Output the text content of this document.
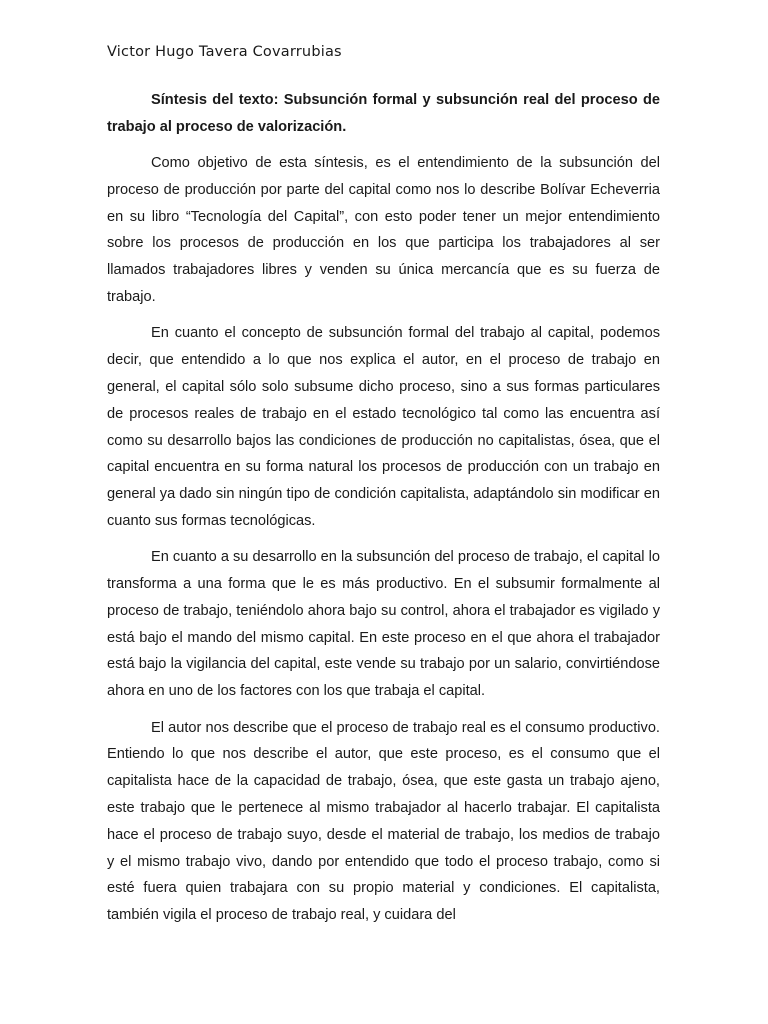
Victor Hugo Tavera Covarrubias

Síntesis del texto: Subsunción formal y subsunción real del proceso de trabajo al proceso de valorización.

Como objetivo de esta síntesis, es el entendimiento de la subsunción del proceso de producción por parte del capital como nos lo describe Bolívar Echeverria en su libro “Tecnología del Capital”, con esto poder tener un mejor entendimiento sobre los procesos de producción en los que participa los trabajadores al ser llamados trabajadores libres y venden su única mercancía que es su fuerza de trabajo.

En cuanto el concepto de subsunción formal del trabajo al capital, podemos decir, que entendido a lo que nos explica el autor, en el proceso de trabajo en general, el capital sólo solo subsume dicho proceso, sino a sus formas particulares de procesos reales de trabajo en el estado tecnológico tal como las encuentra así como su desarrollo bajos las condiciones de producción no capitalistas, ósea, que el capital encuentra en su forma natural los procesos de producción con un trabajo en general ya dado sin ningún tipo de condición capitalista, adaptándolo sin modificar en cuanto sus formas tecnológicas.

En cuanto a su desarrollo en la subsunción del proceso de trabajo, el capital lo transforma a una forma que le es más productivo. En el subsumir formalmente al proceso de trabajo, teniéndolo ahora bajo su control, ahora el trabajador es vigilado y está bajo el mando del mismo capital. En este proceso en el que ahora el trabajador está bajo la vigilancia del capital, este vende su trabajo por un salario, convirtiéndose ahora en uno de los factores con los que trabaja el capital.

El autor nos describe que el proceso de trabajo real es el consumo productivo. Entiendo lo que nos describe el autor, que este proceso, es el consumo que el capitalista hace de la capacidad de trabajo, ósea, que este gasta un trabajo ajeno, este trabajo que le pertenece al mismo trabajador al hacerlo trabajar. El capitalista hace el proceso de trabajo suyo, desde el material de trabajo, los medios de trabajo y el mismo trabajo vivo, dando por entendido que todo el proceso trabajo, como si esté fuera quien trabajara con su propio material y condiciones. El capitalista, también vigila el proceso de trabajo real, y cuidara del
